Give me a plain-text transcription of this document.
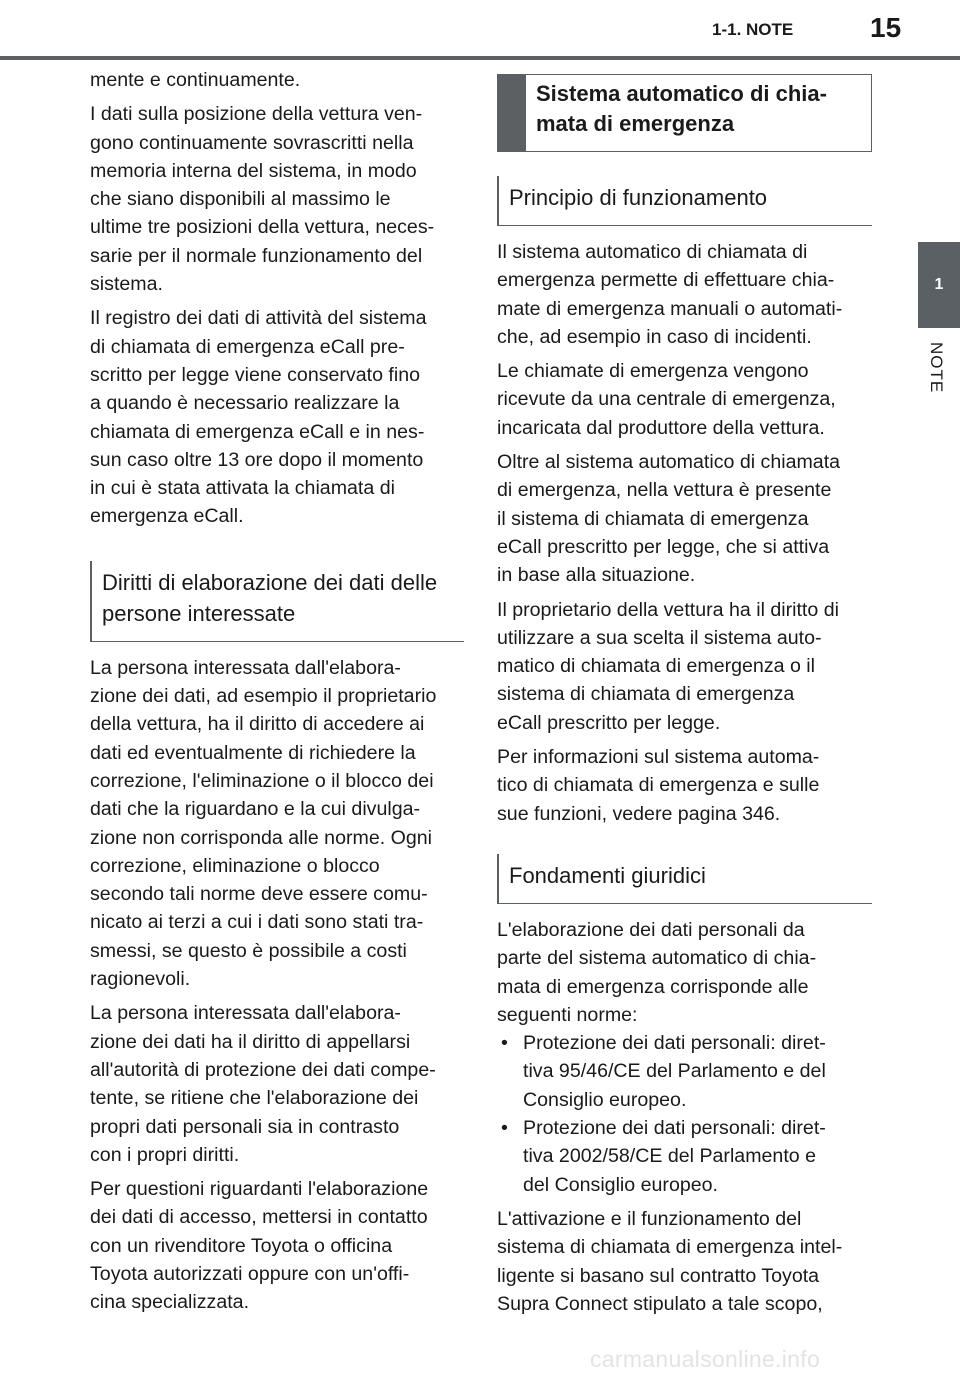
1-1. NOTE	15
1
NOTE
mente e continuamente.
I dati sulla posizione della vettura ven-
gono continuamente sovrascritti nella
memoria interna del sistema, in modo
che siano disponibili al massimo le
ultime tre posizioni della vettura, neces-
sarie per il normale funzionamento del
sistema.
Il registro dei dati di attività del sistema
di chiamata di emergenza eCall pre-
scritto per legge viene conservato fino
a quando è necessario realizzare la
chiamata di emergenza eCall e in nes-
sun caso oltre 13 ore dopo il momento
in cui è stata attivata la chiamata di
emergenza eCall.
Diritti di elaborazione dei dati delle
persone interessate
La persona interessata dall'elabora-
zione dei dati, ad esempio il proprietario
della vettura, ha il diritto di accedere ai
dati ed eventualmente di richiedere la
correzione, l'eliminazione o il blocco dei
dati che la riguardano e la cui divulga-
zione non corrisponda alle norme. Ogni
correzione, eliminazione o blocco
secondo tali norme deve essere comu-
nicato ai terzi a cui i dati sono stati tra-
smessi, se questo è possibile a costi
ragionevoli.
La persona interessata dall'elabora-
zione dei dati ha il diritto di appellarsi
all'autorità di protezione dei dati compe-
tente, se ritiene che l'elaborazione dei
propri dati personali sia in contrasto
con i propri diritti.
Per questioni riguardanti l'elaborazione
dei dati di accesso, mettersi in contatto
con un rivenditore Toyota o officina
Toyota autorizzati oppure con un'offi-
cina specializzata.
Sistema automatico di chia-
mata di emergenza
Principio di funzionamento
Il sistema automatico di chiamata di
emergenza permette di effettuare chia-
mate di emergenza manuali o automati-
che, ad esempio in caso di incidenti.
Le chiamate di emergenza vengono
ricevute da una centrale di emergenza,
incaricata dal produttore della vettura.
Oltre al sistema automatico di chiamata
di emergenza, nella vettura è presente
il sistema di chiamata di emergenza
eCall prescritto per legge, che si attiva
in base alla situazione.
Il proprietario della vettura ha il diritto di
utilizzare a sua scelta il sistema auto-
matico di chiamata di emergenza o il
sistema di chiamata di emergenza
eCall prescritto per legge.
Per informazioni sul sistema automa-
tico di chiamata di emergenza e sulle
sue funzioni, vedere pagina 346.
Fondamenti giuridici
L'elaborazione dei dati personali da
parte del sistema automatico di chia-
mata di emergenza corrisponde alle
seguenti norme:
• Protezione dei dati personali: diret-
tiva 95/46/CE del Parlamento e del
Consiglio europeo.
• Protezione dei dati personali: diret-
tiva 2002/58/CE del Parlamento e
del Consiglio europeo.
L'attivazione e il funzionamento del
sistema di chiamata di emergenza intel-
ligente si basano sul contratto Toyota
Supra Connect stipulato a tale scopo,
carmanualsonline.info
